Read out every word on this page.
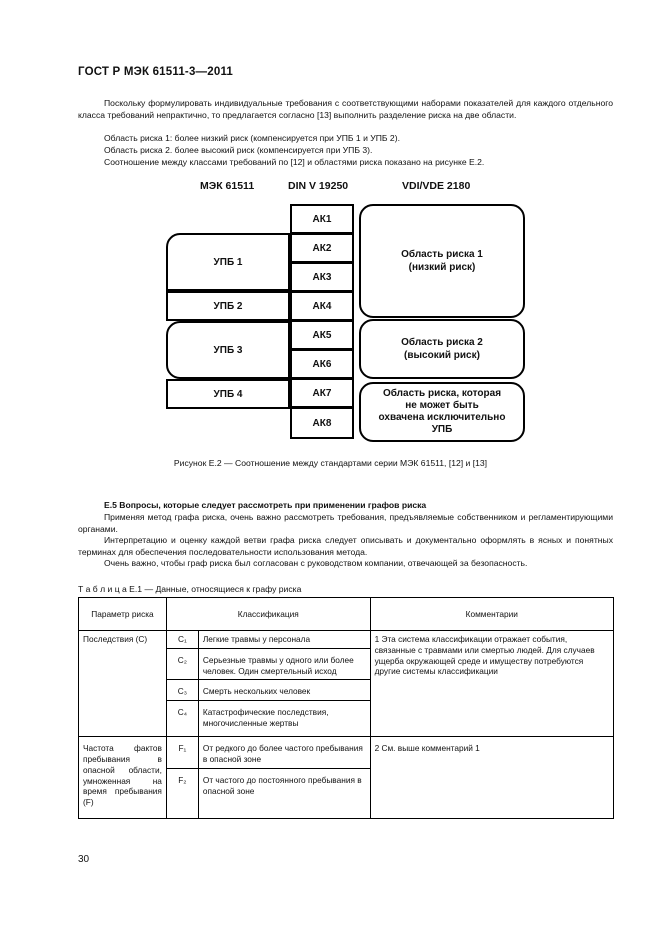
ГОСТ Р МЭК 61511-3—2011
Поскольку формулировать индивидуальные требования с соответствующими наборами показателей для каждого отдельного класса требований непрактично, то предлагается согласно [13] выполнить разделение риска на две области.
Область риска 1: более низкий риск (компенсируется при УПБ 1 и УПБ 2).
Область риска 2. более высокий риск (компенсируется при УПБ 3).
Соотношение между классами требований по [12] и областями риска показано на рисунке Е.2.
МЭК 61511	DIN V 19250	VDI/VDE 2180
УПБ 1
УПБ 2
УПБ 3
УПБ 4
АК1
АК2
АК3
АК4
АК5
АК6
АК7
АК8
Область риска 1
(низкий риск)
Область риска 2
(высокий риск)
Область риска, которая
не может быть
охвачена исключительно
УПБ
Рисунок Е.2 — Соотношение между стандартами серии МЭК 61511, [12] и [13]
Е.5 Вопросы, которые следует рассмотреть при применении графов риска
Применяя метод графа риска, очень важно рассмотреть требования, предъявляемые собственником и регламентирующими органами.
Интерпретацию и оценку каждой ветви графа риска следует описывать и документально оформлять в ясных и понятных терминах для обеспечения последовательности использования метода.
Очень важно, чтобы граф риска был согласован с руководством компании, отвечающей за безопасность.
Т а б л и ц а Е.1 — Данные, относящиеся к графу риска
Параметр риска	Классификация		Комментарии
Последствия (С)	C₁	Легкие травмы у персонала	1 Эта система классификации отражает события, связанные с травмами или смертью людей. Для случаев ущерба окружающей среде и имуществу потребуются другие системы классификации
	C₂	Серьезные травмы у одного или более человек. Один смертельный исход	
	C₃	Смерть нескольких человек	
	C₄	Катастрофические последствия, многочисленные жертвы	
Частота фактов пребывания в опасной области, умноженная на время пребывания (F)	F₁	От редкого до более частого пребывания в опасной зоне	2 См. выше комментарий 1
	F₂	От частого до постоянного пребывания в опасной зоне	
30
